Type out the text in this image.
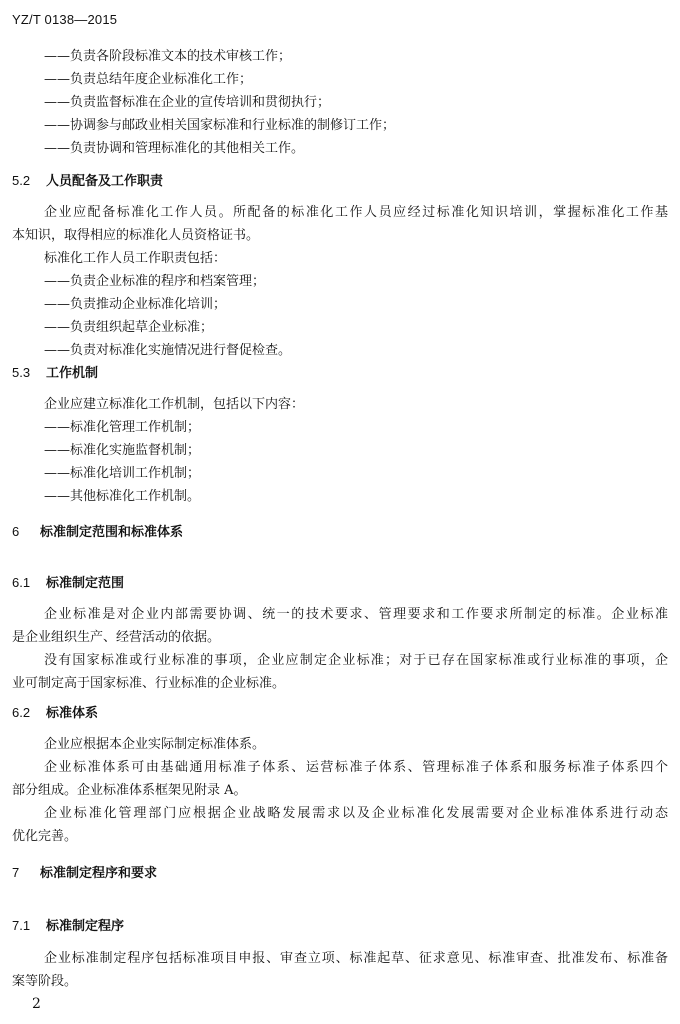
YZ/T 0138—2015
——负责各阶段标准文本的技术审核工作；
——负责总结年度企业标准化工作；
——负责监督标准在企业的宣传培训和贯彻执行；
——协调参与邮政业相关国家标准和行业标准的制修订工作；
——负责协调和管理标准化的其他相关工作。
5.2 人员配备及工作职责
企业应配备标准化工作人员。所配备的标准化工作人员应经过标准化知识培训，掌握标准化工作基
本知识，取得相应的标准化人员资格证书。
标准化工作人员工作职责包括：
——负责企业标准的程序和档案管理；
——负责推动企业标准化培训；
——负责组织起草企业标准；
——负责对标准化实施情况进行督促检查。
5.3 工作机制
企业应建立标准化工作机制，包括以下内容：
——标准化管理工作机制；
——标准化实施监督机制；
——标准化培训工作机制；
——其他标准化工作机制。
6 标准制定范围和标准体系
6.1 标准制定范围
企业标准是对企业内部需要协调、统一的技术要求、管理要求和工作要求所制定的标准。企业标准
是企业组织生产、经营活动的依据。
没有国家标准或行业标准的事项，企业应制定企业标准；对于已存在国家标准或行业标准的事项，企
业可制定高于国家标准、行业标准的企业标准。
6.2 标准体系
企业应根据本企业实际制定标准体系。
企业标准体系可由基础通用标准子体系、运营标准子体系、管理标准子体系和服务标准子体系四个
部分组成。企业标准体系框架见附录 A。
企业标准化管理部门应根据企业战略发展需求以及企业标准化发展需要对企业标准体系进行动态
优化完善。
7 标准制定程序和要求
7.1 标准制定程序
企业标准制定程序包括标准项目申报、审查立项、标准起草、征求意见、标准审查、批准发布、标准备
案等阶段。
2
